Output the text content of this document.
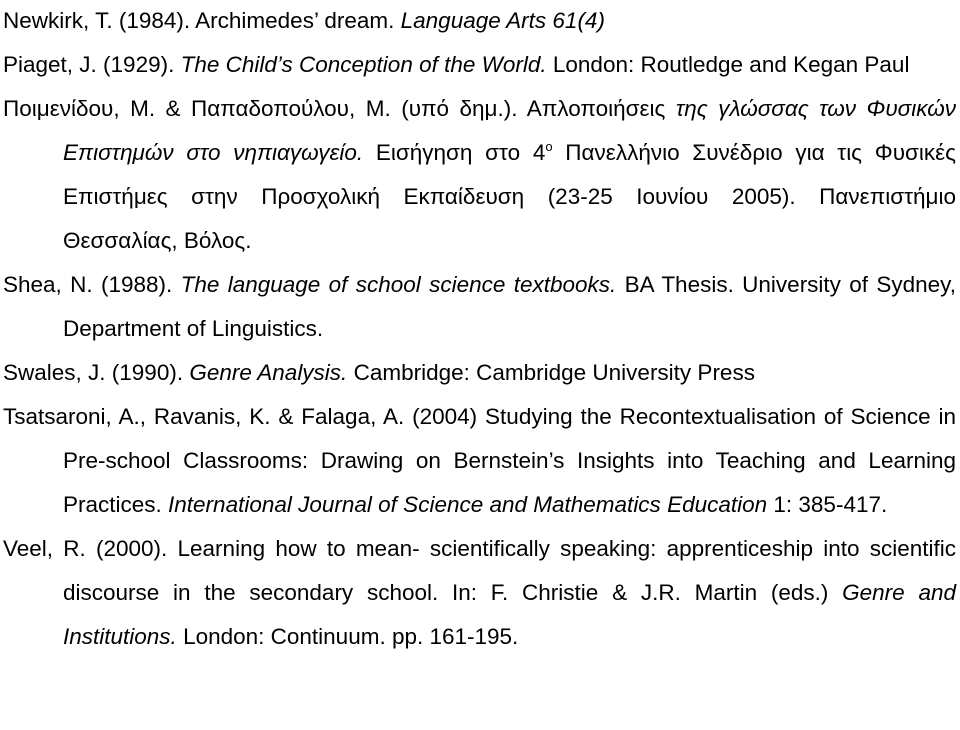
Newkirk, T. (1984). Archimedes’ dream. Language Arts 61(4)

Piaget, J. (1929). The Child’s Conception of the World. London: Routledge and Kegan Paul

Ποιμενίδου, Μ. & Παπαδοπούλου, Μ. (υπό δημ.). Απλοποιήσεις της γλώσσας των Φυσικών Επιστημών στο νηπιαγωγείο. Εισήγηση στο $4^o$ Πανελλήνιο Συνέδριο για τις Φυσικές Επιστήμες στην Προσχολική Εκπαίδευση (23-25 Ιουνίου 2005). Πανεπιστήμιο Θεσσαλίας, Βόλος.

Shea, N. (1988). The language of school science textbooks. BA Thesis. University of Sydney, Department of Linguistics.

Swales, J. (1990). Genre Analysis. Cambridge: Cambridge University Press

Tsatsaroni, A., Ravanis, K. & Falaga, A. (2004) Studying the Recontextualisation of Science in Pre-school Classrooms: Drawing on Bernstein’s Insights into Teaching and Learning Practices. International Journal of Science and Mathematics Education 1: 385-417.

Veel, R. (2000). Learning how to mean- scientifically speaking: apprenticeship into scientific discourse in the secondary school. In: F. Christie & J.R. Martin (eds.) Genre and Institutions. London: Continuum. pp. 161-195.
